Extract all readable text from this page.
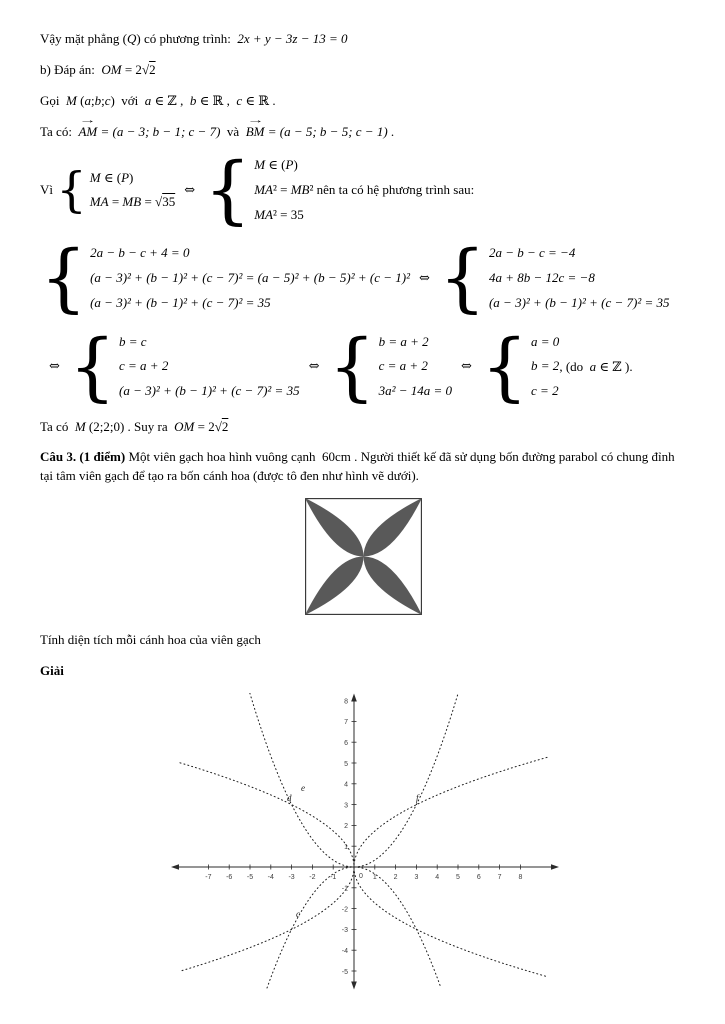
Vậy mặt phẳng (Q) có phương trình:  2x + y − 3z − 13 = 0

b) Đáp án:  OM = 2√2

Gọi  M (a;b;c)  với  a ∈ ℤ ,  b ∈ ℝ ,  c ∈ ℝ .

Ta có:  AM → = (a − 3; b − 1; c − 7)  và  BM → = (a − 5; b − 5; c − 1) .

Vì
{ M ∈ (P)
MA = MB = √35
⇔
{ M ∈ (P)
MA² = MB²
MA² = 35
nên ta có hệ phương trình sau:
{ 2a − b − c + 4 = 0
(a − 3)² + (b − 1)² + (c − 7)² = (a − 5)² + (b − 5)² + (c − 1)²
(a − 3)² + (b − 1)² + (c − 7)² = 35
⇔
{ 2a − b − c = −4
4a + 8b − 12c = −8
(a − 3)² + (b − 1)² + (c − 7)² = 35
⇔
{ b = c
c = a + 2
(a − 3)² + (b − 1)² + (c − 7)² = 35
⇔
{ b = a + 2
c = a + 2
3a² − 14a = 0
⇔
{ a = 0
b = 2
c = 2
, (do  a ∈ ℤ ).

Ta có  M (2;2;0) . Suy ra  OM = 2√2

Câu 3. (1 điểm) Một viên gạch hoa hình vuông cạnh  60cm . Người thiết kế đã sử dụng bốn đường parabol có chung đỉnh tại tâm viên gạch để tạo ra bốn cánh hoa (được tô đen như hình vẽ dưới).

Tính diện tích mỗi cánh hoa của viên gạch

Giải

-7 -6 -5 -4 -3 -2 -1	1 2 3 4 5 6 7 8
-5
-4
-3
-2
-1
1
2
3
4
5
6
7
8
0
d
e
f
c
